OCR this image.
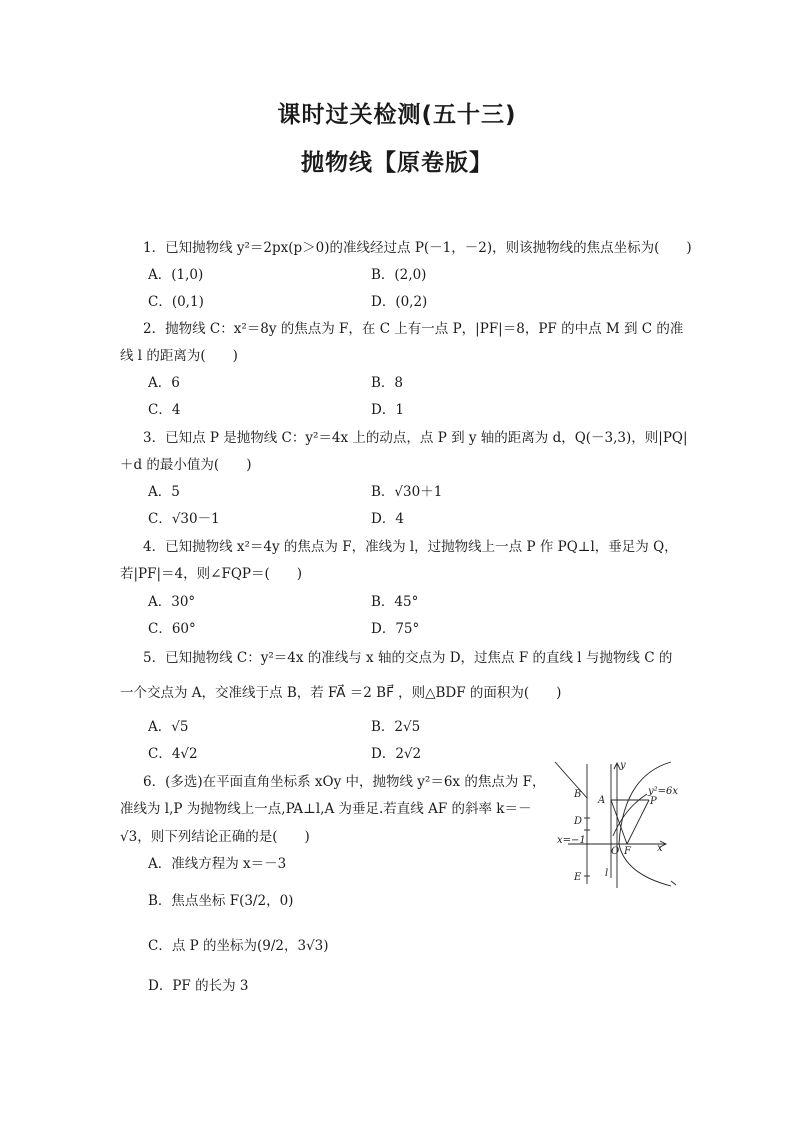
课时过关检测(五十三)
抛物线【原卷版】
1．已知抛物线 y²＝2px(p＞0)的准线经过点 P(－1，－2)，则该抛物线的焦点坐标为(　　)
A．(1,0)	B．(2,0)
C．(0,1)	D．(0,2)
2．抛物线 C：x²＝8y 的焦点为 F，在 C 上有一点 P，|PF|＝8，PF 的中点 M 到 C 的准
线 l 的距离为(　　)
A．6	B．8
C．4	D．1
3．已知点 P 是抛物线 C：y²＝4x 上的动点，点 P 到 y 轴的距离为 d，Q(－3,3)，则|PQ|
＋d 的最小值为(　　)
A．5	B．√30＋1
C．√30－1	D．4
4．已知抛物线 x²＝4y 的焦点为 F，准线为 l，过抛物线上一点 P 作 PQ⊥l，垂足为 Q，
若|PF|＝4，则∠FQP＝(　　)
A．30°	B．45°
C．60°	D．75°
5．已知抛物线 C：y²＝4x 的准线与 x 轴的交点为 D，过焦点 F 的直线 l 与抛物线 C 的
一个交点为 A，交准线于点 B，若 FA⃗ ＝2 BF⃗ ，则△BDF 的面积为(　　)
A．√5	B．2√5
C．4√2	D．2√2
6．(多选)在平面直角坐标系 xOy 中，抛物线 y²＝6x 的焦点为 F，
准线为 l,P 为抛物线上一点,PA⊥l,A 为垂足.若直线 AF 的斜率 k＝－
√3，则下列结论正确的是(　　)
A．准线方程为 x＝－3
B．焦点坐标 F(3/2，0)
C．点 P 的坐标为(9/2，3√3)
D．PF 的长为 3
y
x
y²=6x
B
A	P
D
O F
E l
x=−1
